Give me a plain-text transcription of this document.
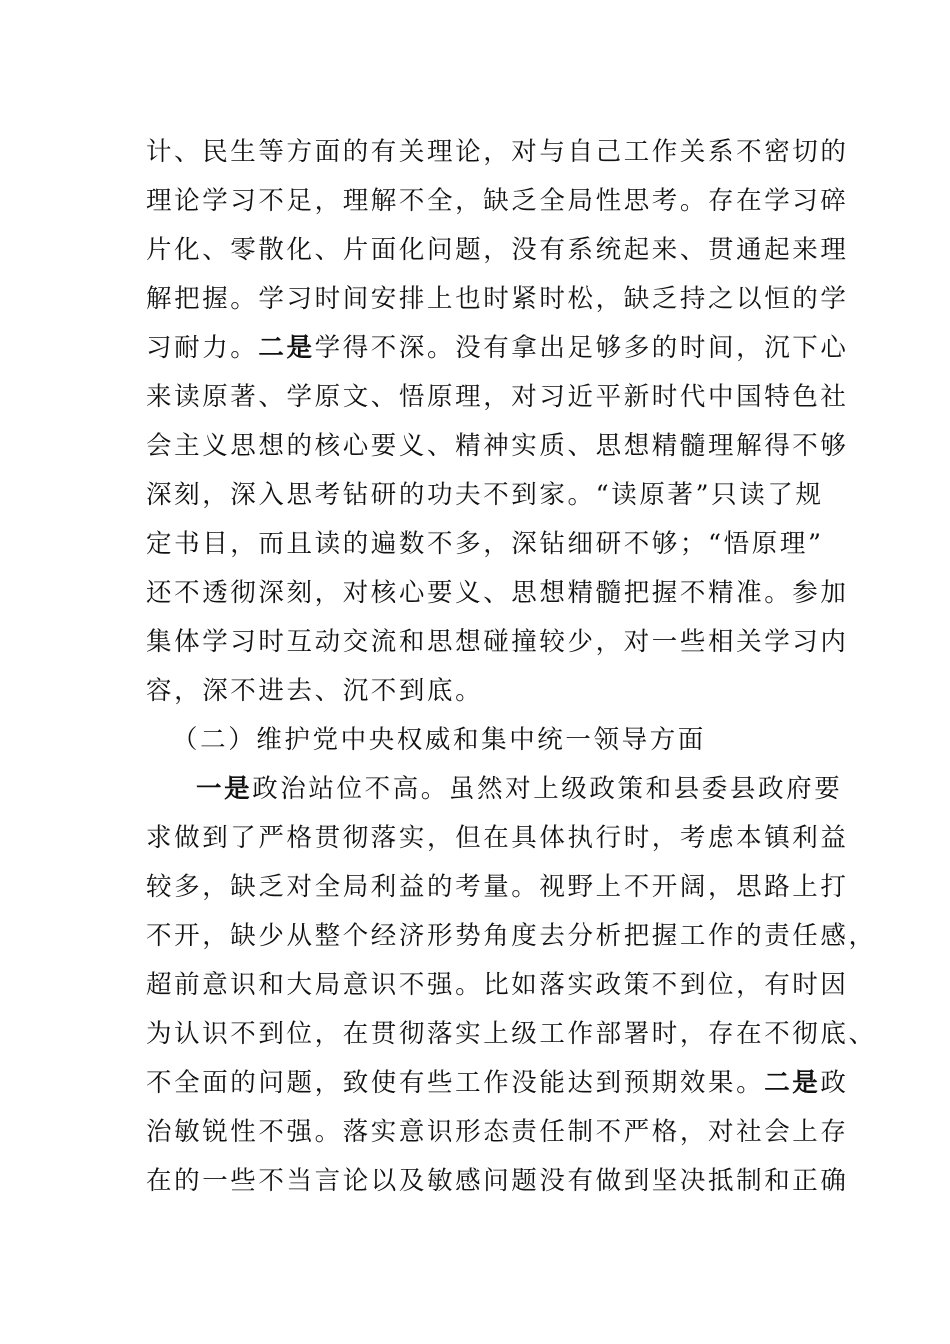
计、民生等方面的有关理论，对与自己工作关系不密切的
理论学习不足，理解不全，缺乏全局性思考。存在学习碎
片化、零散化、片面化问题，没有系统起来、贯通起来理
解把握。学习时间安排上也时紧时松，缺乏持之以恒的学
习耐力。二是学得不深。没有拿出足够多的时间，沉下心
来读原著、学原文、悟原理，对习近平新时代中国特色社
会主义思想的核心要义、精神实质、思想精髓理解得不够
深刻，深入思考钻研的功夫不到家。“读原著”只读了规
定书目，而且读的遍数不多，深钻细研不够；“悟原理”
还不透彻深刻，对核心要义、思想精髓把握不精准。参加
集体学习时互动交流和思想碰撞较少，对一些相关学习内
容，深不进去、沉不到底。
（二）维护党中央权威和集中统一领导方面
一是政治站位不高。虽然对上级政策和县委县政府要
求做到了严格贯彻落实，但在具体执行时，考虑本镇利益
较多，缺乏对全局利益的考量。视野上不开阔，思路上打
不开，缺少从整个经济形势角度去分析把握工作的责任感，
超前意识和大局意识不强。比如落实政策不到位，有时因
为认识不到位，在贯彻落实上级工作部署时，存在不彻底、
不全面的问题，致使有些工作没能达到预期效果。二是政
治敏锐性不强。落实意识形态责任制不严格，对社会上存
在的一些不当言论以及敏感问题没有做到坚决抵制和正确
